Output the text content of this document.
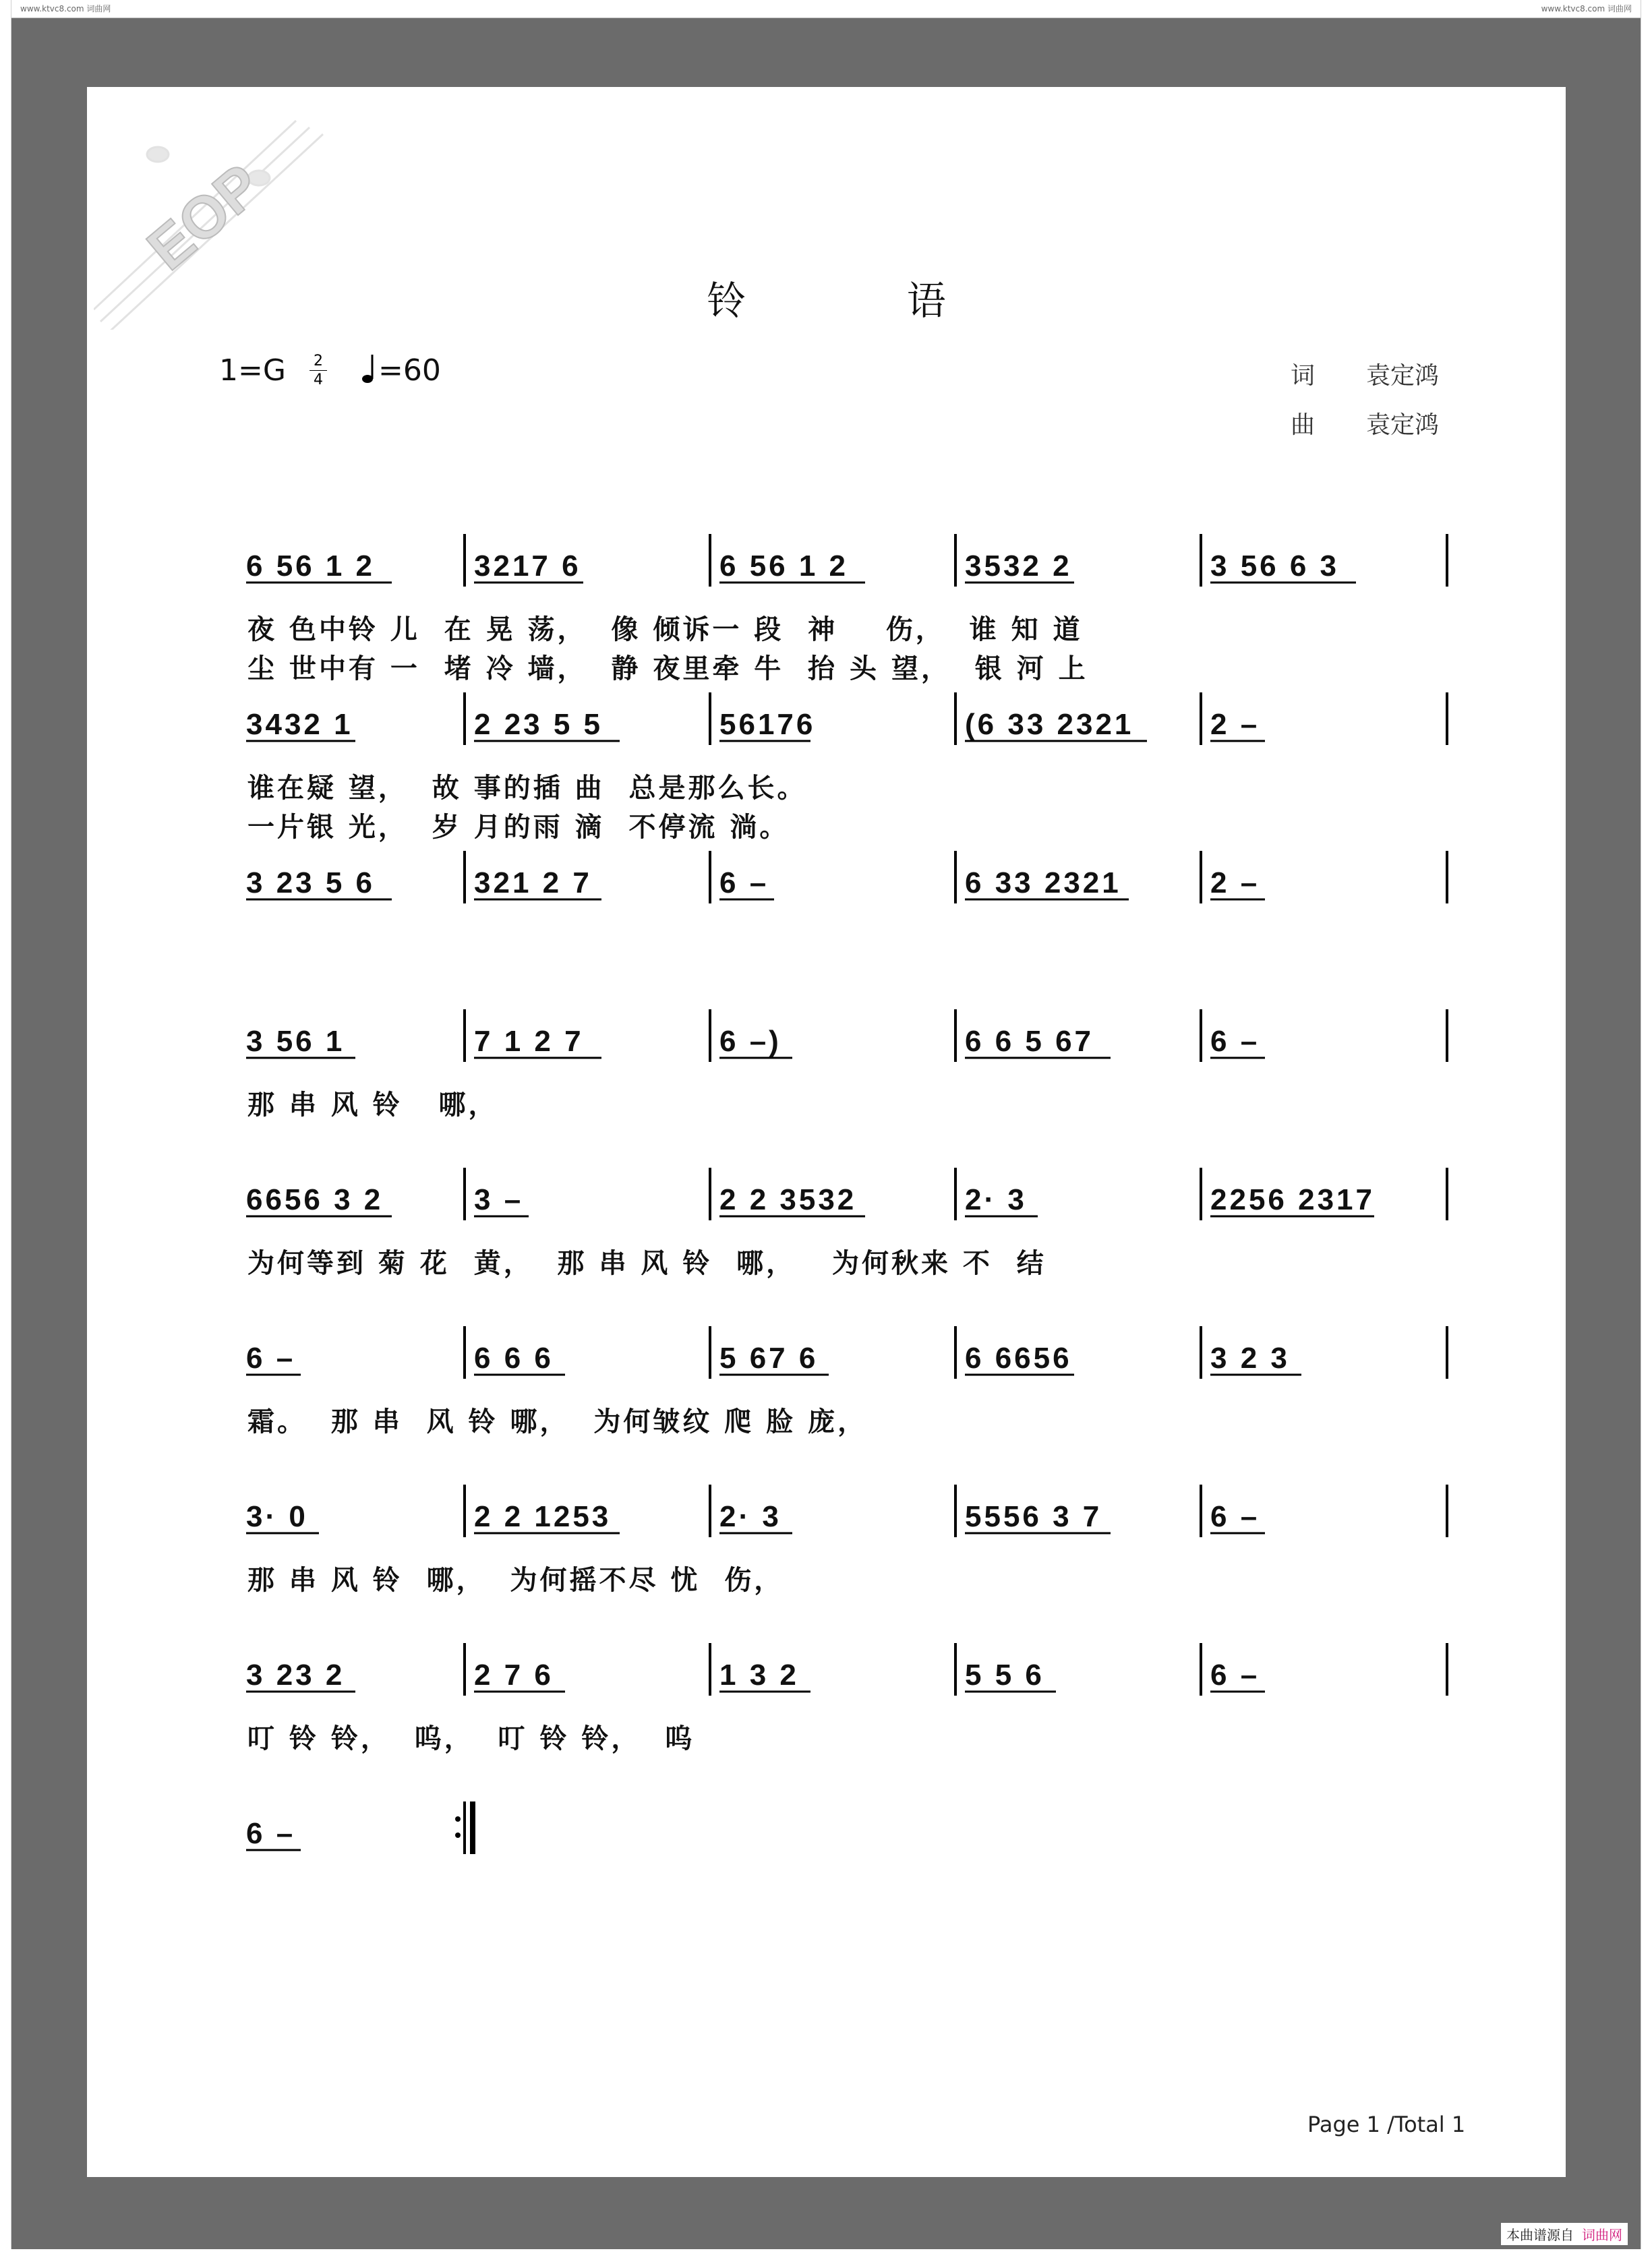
www.ktvc8.com 词曲网	www.ktvc8.com 词曲网
本曲谱源自 词曲网
EOP
铃 语
$1=G \frac{2}{4}$	=60	词 袁定鸿
曲 袁定鸿
6 56 1 2	3217 6	6 56 1 2	3532 2	3 56 6 3
3432 1	2 23 5 5	56176	(6 33 2321	2 –
3 23 5 6	321 2 7	6 –	6 33 2321	2 –
3 56 1	7 1 2 7	6 –)	6 6 5 67	6 –
6656 3 2	3 –	2 2 3532	2· 3	2256 2317
6 –	6 6 6	5 67 6	6 6656	3 2 3
3· 0	2 2 1253	2· 3	5556 3 7	6 –
3 23 2	2 7 6	1 3 2	5 5 6	6 –
6 –
夜 色中铃 儿  在 晃 荡，  像 倾诉一 段  神    伤，  谁 知 道
尘 世中有 一  堵 冷 墙，  静 夜里牵 牛  抬 头 望，  银 河 上
谁在疑 望，  故 事的插 曲  总是那么长。
一片银 光，  岁 月的雨 滴  不停流 淌。
那 串 风 铃   哪，
为何等到 菊 花  黄，  那 串 风 铃  哪，   为何秋来 不  结
霜。  那 串  风 铃 哪，  为何皱纹 爬 脸 庞，
那 串 风 铃  哪，  为何摇不尽 忧  伤，
叮 铃 铃，  呜，  叮 铃 铃，  呜
Page 1 /Total 1
